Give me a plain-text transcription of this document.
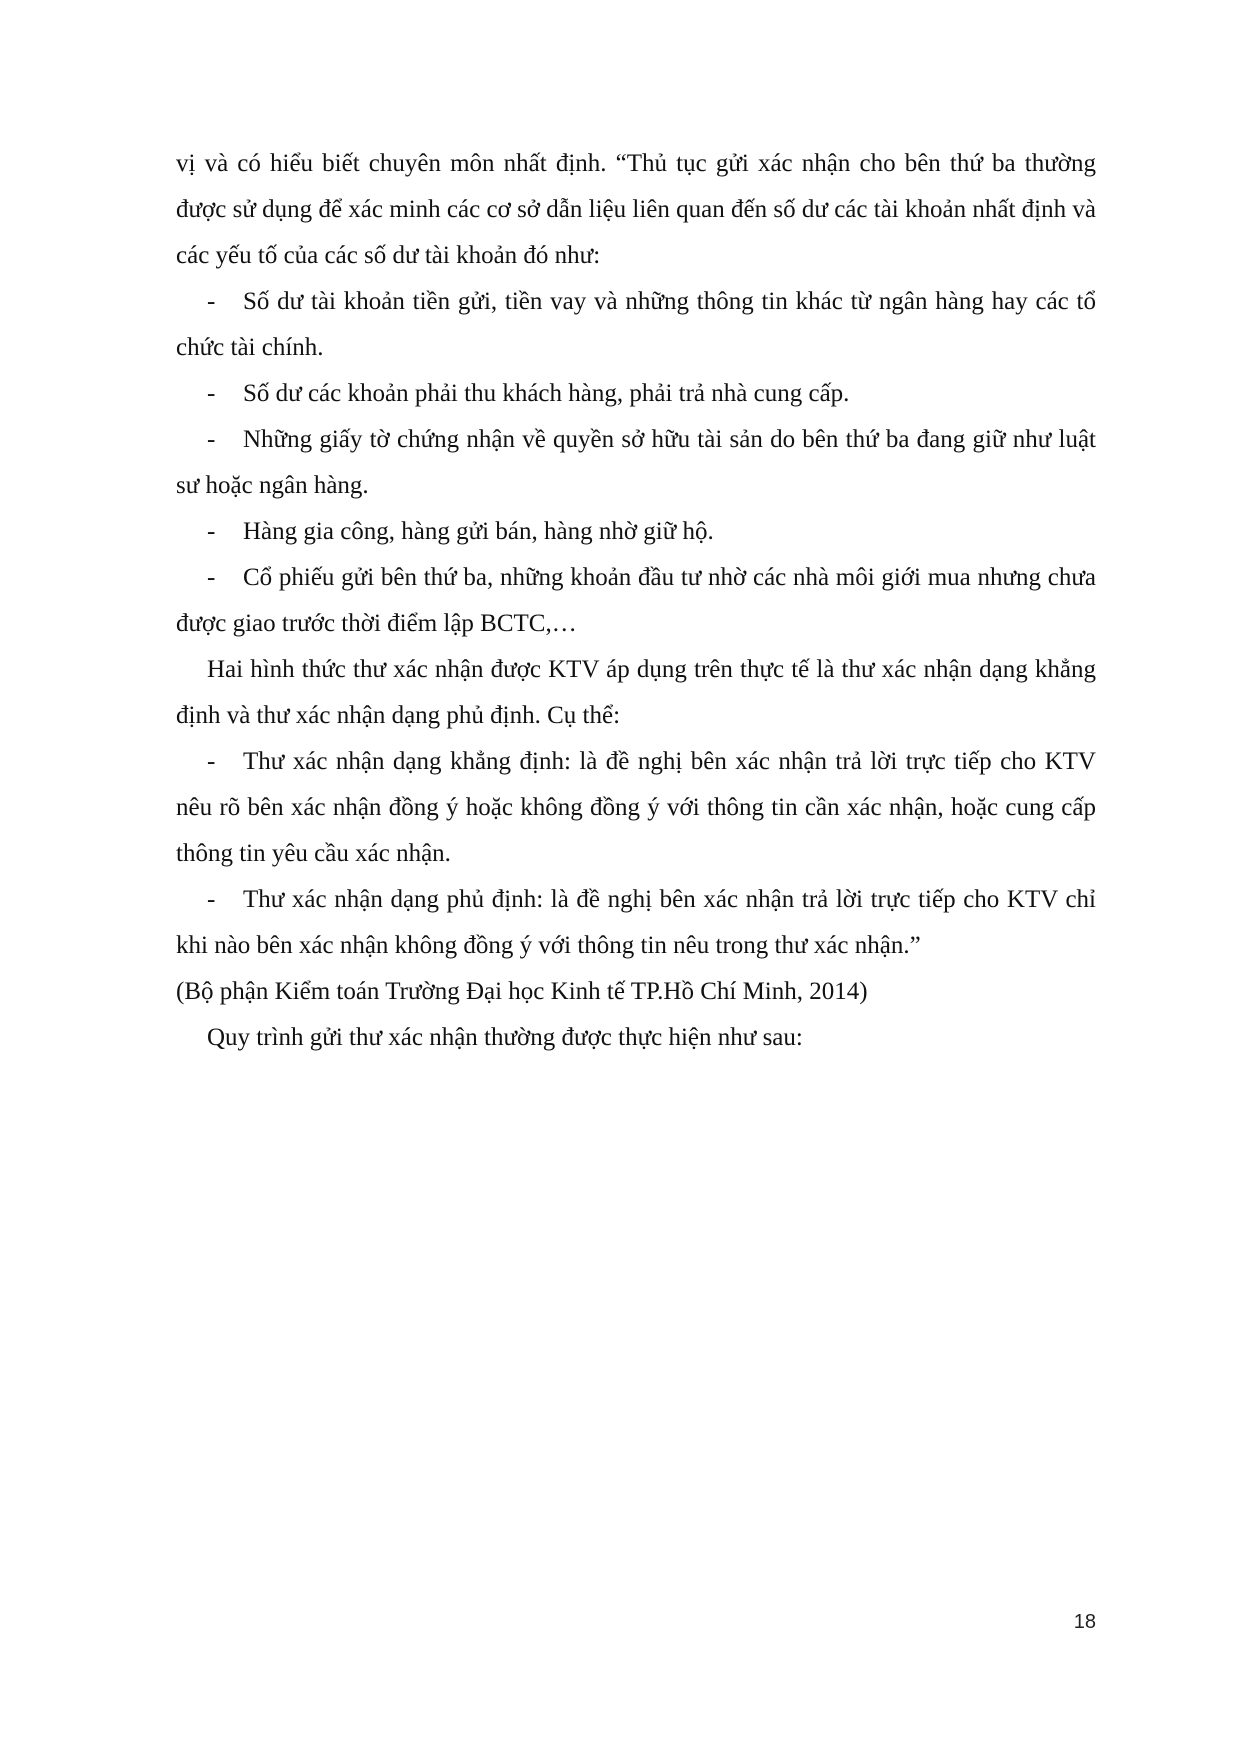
vị và có hiểu biết chuyên môn nhất định. “Thủ tục gửi xác nhận cho bên thứ ba thường được sử dụng để xác minh các cơ sở dẫn liệu liên quan đến số dư các tài khoản nhất định và các yếu tố của các số dư tài khoản đó như:

- Số dư tài khoản tiền gửi, tiền vay và những thông tin khác từ ngân hàng hay các tổ chức tài chính.

- Số dư các khoản phải thu khách hàng, phải trả nhà cung cấp.

- Những giấy tờ chứng nhận về quyền sở hữu tài sản do bên thứ ba đang giữ như luật sư hoặc ngân hàng.

- Hàng gia công, hàng gửi bán, hàng nhờ giữ hộ.

- Cổ phiếu gửi bên thứ ba, những khoản đầu tư nhờ các nhà môi giới mua nhưng chưa được giao trước thời điểm lập BCTC,…

Hai hình thức thư xác nhận được KTV áp dụng trên thực tế là thư xác nhận dạng khẳng định và thư xác nhận dạng phủ định. Cụ thể:

- Thư xác nhận dạng khẳng định: là đề nghị bên xác nhận trả lời trực tiếp cho KTV nêu rõ bên xác nhận đồng ý hoặc không đồng ý với thông tin cần xác nhận, hoặc cung cấp thông tin yêu cầu xác nhận.

- Thư xác nhận dạng phủ định: là đề nghị bên xác nhận trả lời trực tiếp cho KTV chỉ khi nào bên xác nhận không đồng ý với thông tin nêu trong thư xác nhận.”

(Bộ phận Kiểm toán Trường Đại học Kinh tế TP.Hồ Chí Minh, 2014)

Quy trình gửi thư xác nhận thường được thực hiện như sau:

18
